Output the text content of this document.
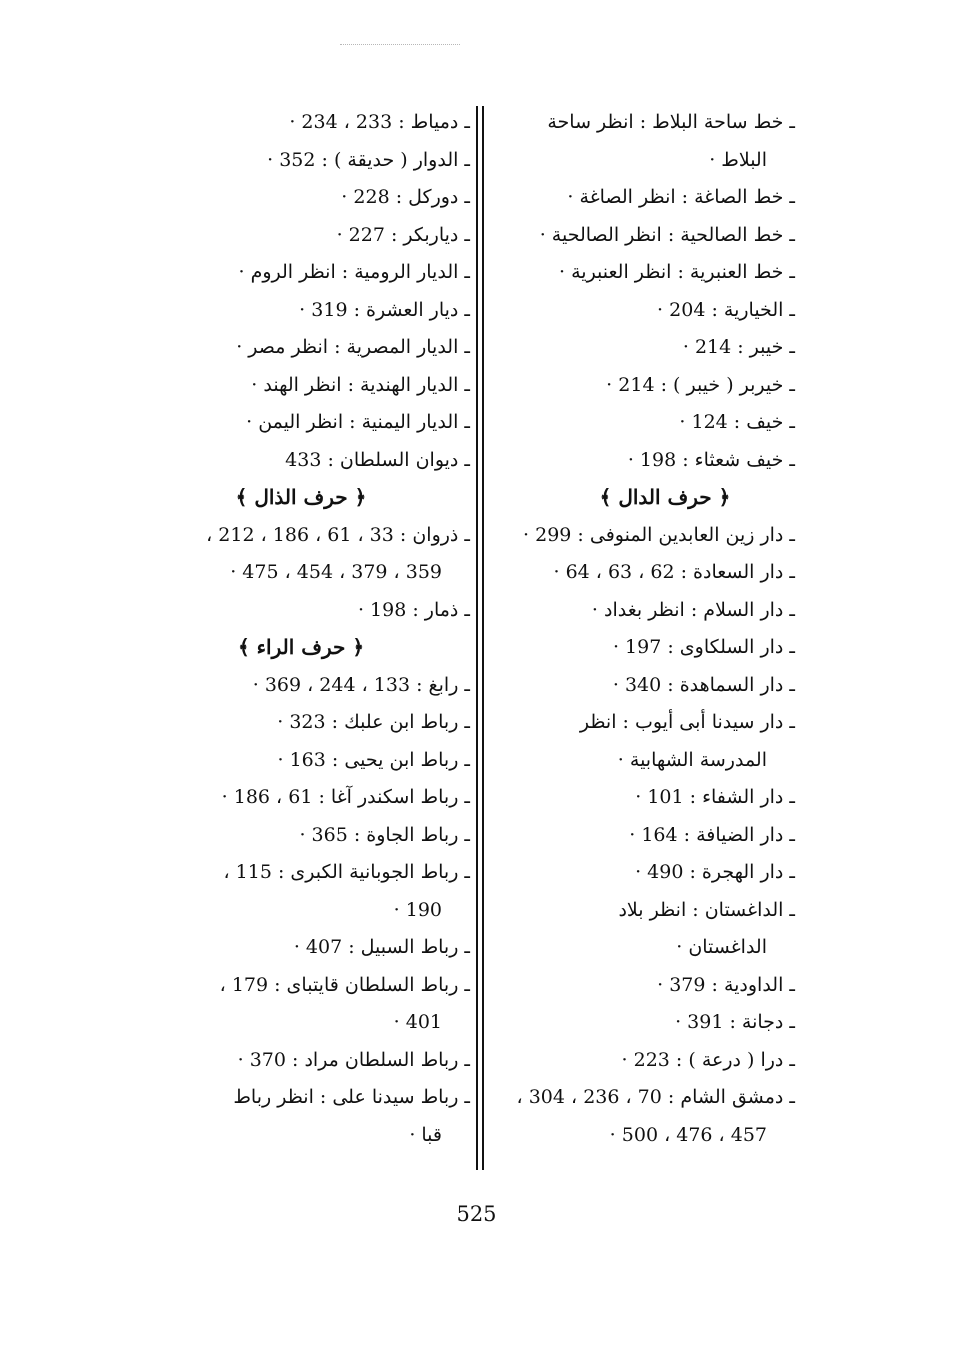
ـ خط ساحة البلاط : انظر ساحة
البلاط ·
ـ خط الصاغة : انظر الصاغة ·
ـ خط الصالحية : انظر الصالحية ·
ـ خط العنبرية : انظر العنبرية ·
ـ الخيارية : 204 ·
ـ خيبر : 214 ·
ـ خيربر ( خيبر ) : 214 ·
ـ خيف : 124 ·
ـ خيف شعثاء : 198 ·
﴿ حرف الدال ﴾
ـ دار زين العابدين المنوفى : 299 ·
ـ دار السعادة : 62 ، 63 ، 64 ·
ـ دار السلام : انظر بغداد ·
ـ دار السلكاوى : 197 ·
ـ دار السماهدة : 340 ·
ـ دار سيدنا أبى أيوب : انظر
المدرسة الشهابية ·
ـ دار الشفاء : 101 ·
ـ دار الضيافة : 164 ·
ـ دار الهجرة : 490 ·
ـ الداغستان : انظر بلاد
الداغستان ·
ـ الداودية : 379 ·
ـ دجانة : 391 ·
ـ درا ( درعة ) : 223 ·
ـ دمشق الشام : 70 ، 236 ، 304 ،
457 ، 476 ، 500 ·
ـ دمياط : 233 ، 234 ·
ـ الدوار ( حديقة ) : 352 ·
ـ دوركل : 228 ·
ـ دياربكر : 227 ·
ـ الديار الرومية : انظر الروم ·
ـ ديار العشرة : 319 ·
ـ الديار المصرية : انظر مصر ·
ـ الديار الهندية : انظر الهند ·
ـ الديار اليمنية : انظر اليمن ·
ـ ديوان السلطان : 433
﴿ حرف الذال ﴾
ـ ذروان : 33 ، 61 ، 186 ، 212 ،
359 ، 379 ، 454 ، 475 ·
ـ ذمار : 198 ·
﴿ حرف الراء ﴾
ـ رابغ : 133 ، 244 ، 369 ·
ـ رباط ابن علبك : 323 ·
ـ رباط ابن يحيى : 163 ·
ـ رباط اسكندر آغا : 61 ، 186 ·
ـ رباط الجاوة : 365 ·
ـ رباط الجوبانية الكبرى : 115 ،
190 ·
ـ رباط السبيل : 407 ·
ـ رباط السلطان قايتباى : 179 ،
401 ·
ـ رباط السلطان مراد : 370 ·
ـ رباط سيدنا على : انظر رباط
قبا ·
525
